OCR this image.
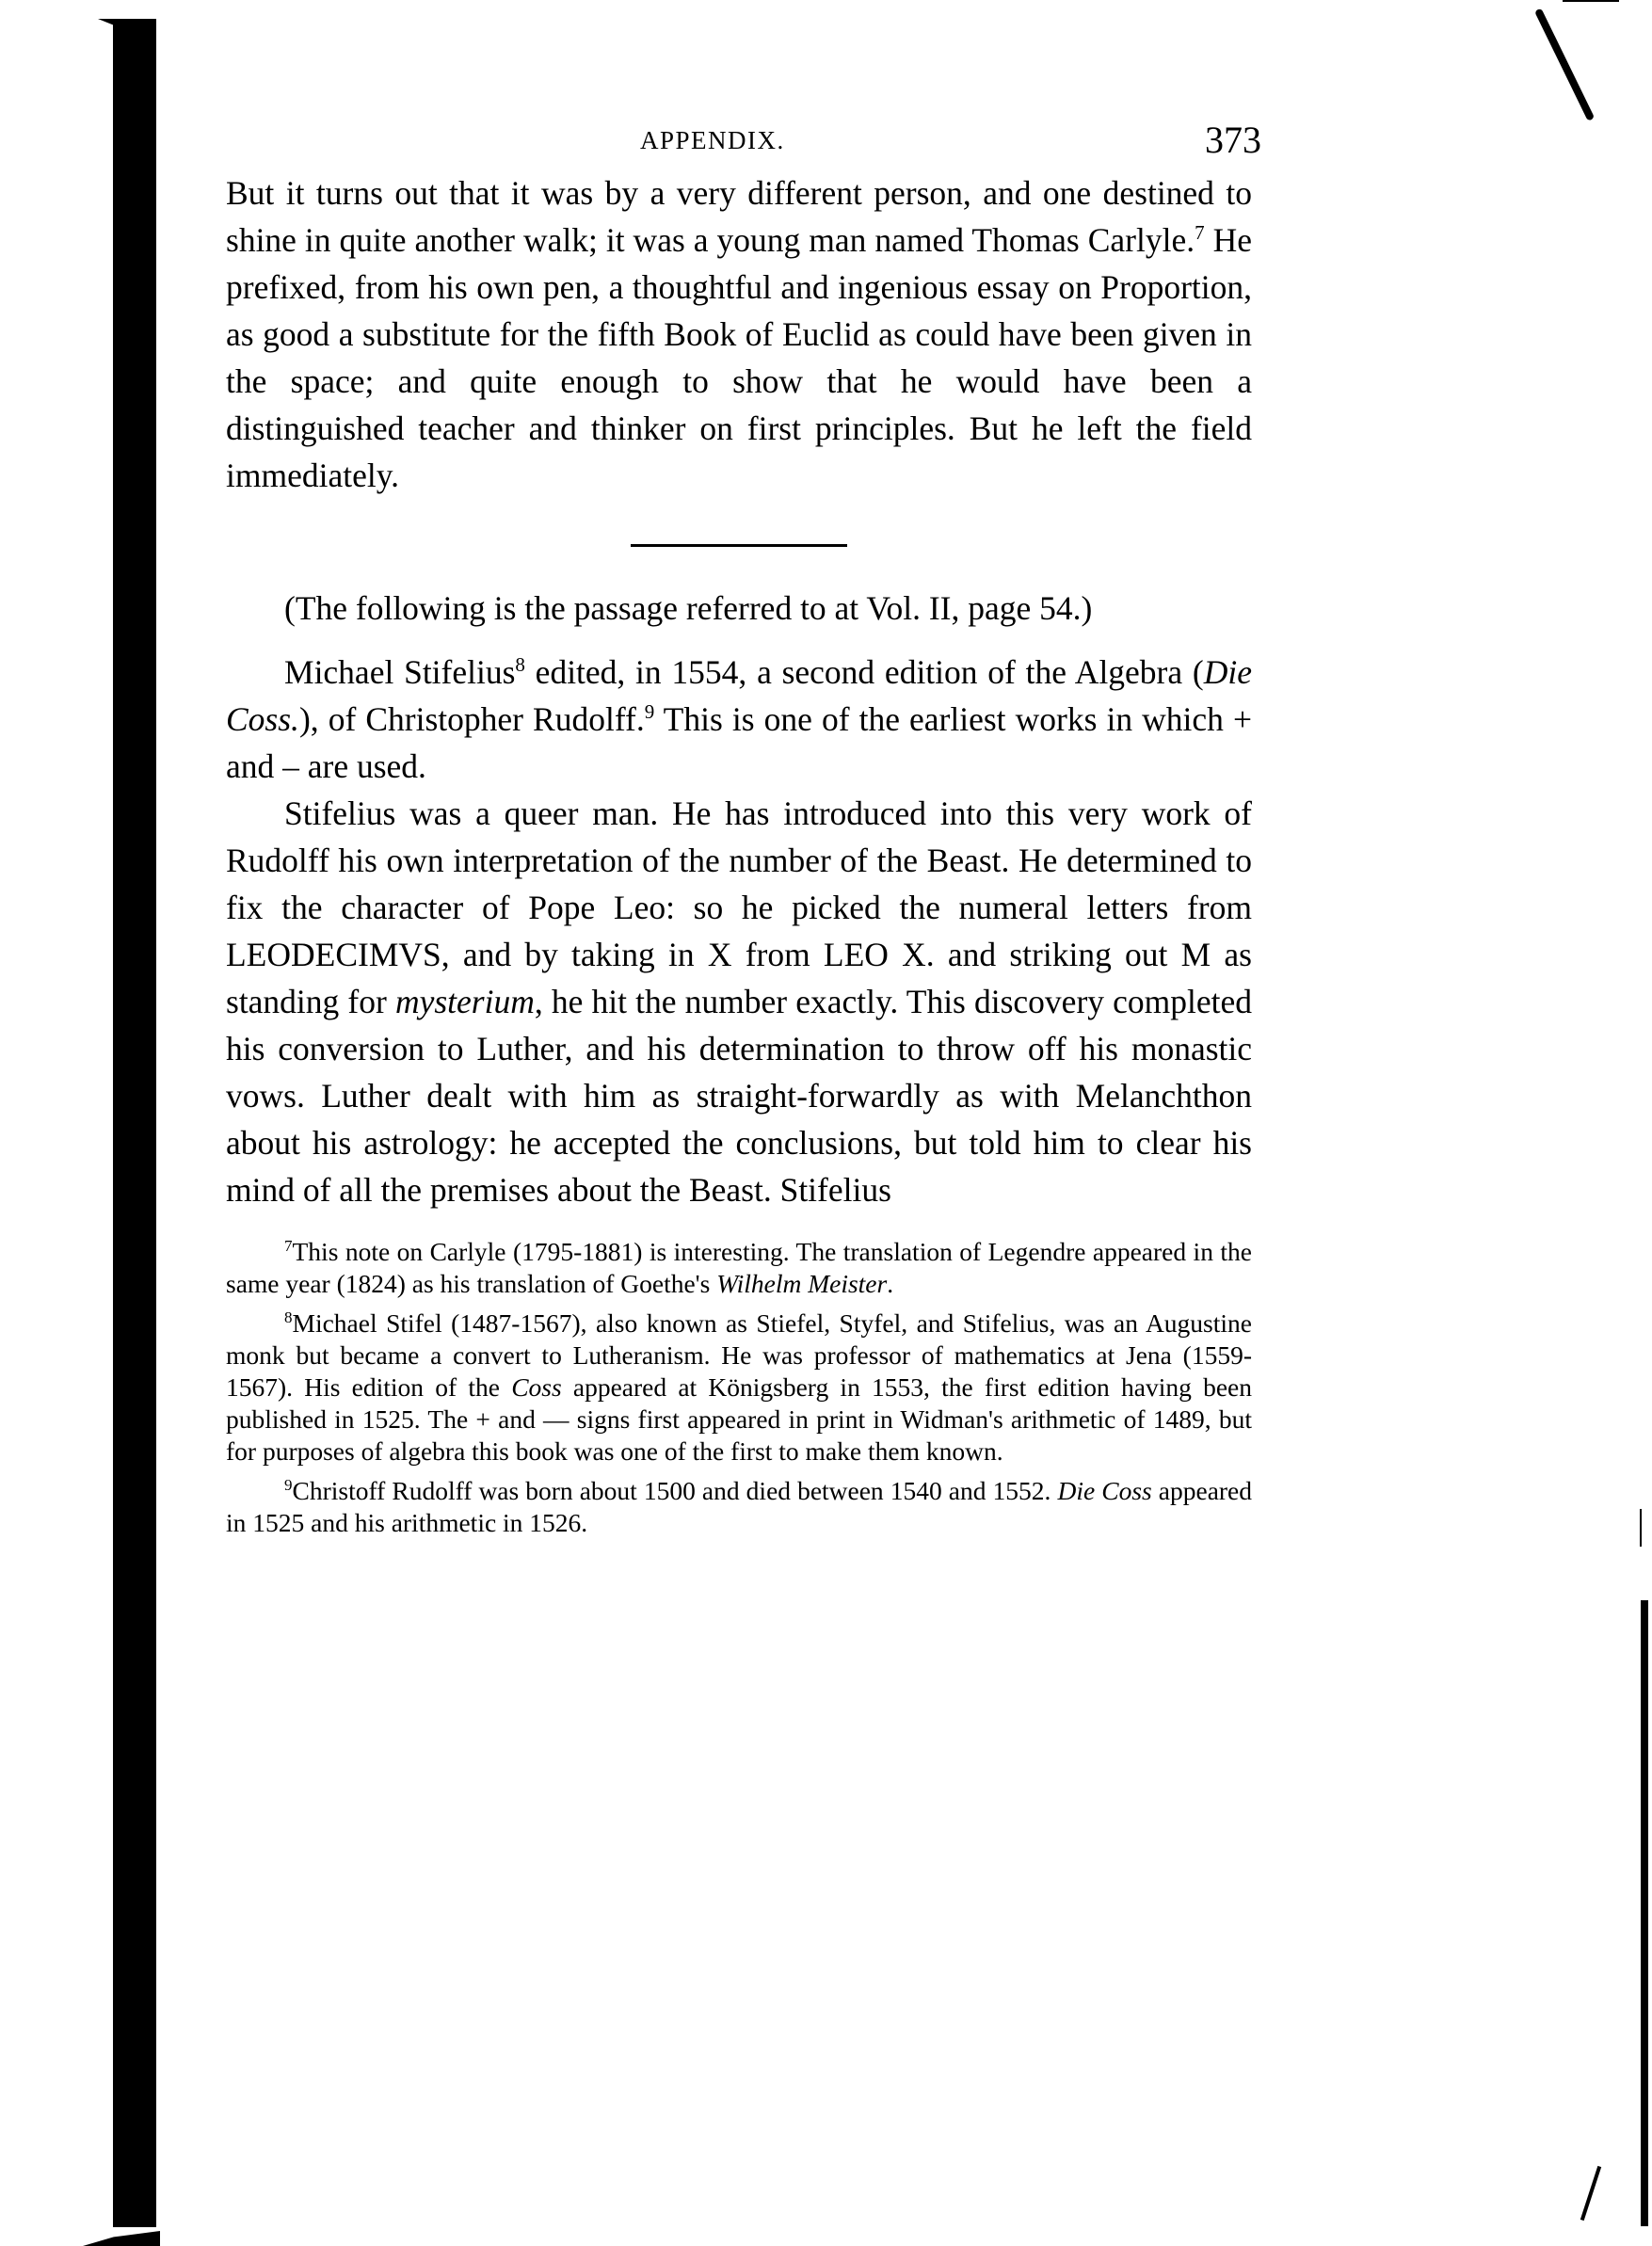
APPENDIX.	373

But it turns out that it was by a very different person, and one destined to shine in quite another walk; it was a young man named Thomas Carlyle.$^7$ He prefixed, from his own pen, a thoughtful and ingenious essay on Proportion, as good a substitute for the fifth Book of Euclid as could have been given in the space; and quite enough to show that he would have been a distinguished teacher and thinker on first principles. But he left the field immediately.

(The following is the passage referred to at Vol. II, page 54.)

Michael Stifelius$^8$ edited, in 1554, a second edition of the Algebra (Die Coss.), of Christopher Rudolff.$^9$ This is one of the earliest works in which + and – are used.

Stifelius was a queer man. He has introduced into this very work of Rudolff his own interpretation of the number of the Beast. He determined to fix the character of Pope Leo: so he picked the numeral letters from LEODECIMVS, and by taking in X from LEO X. and striking out M as standing for mysterium, he hit the number exactly. This discovery completed his conversion to Luther, and his determination to throw off his monastic vows. Luther dealt with him as straight-forwardly as with Melanchthon about his astrology: he accepted the conclusions, but told him to clear his mind of all the premises about the Beast. Stifelius

$^7$This note on Carlyle (1795-1881) is interesting. The translation of Legendre appeared in the same year (1824) as his translation of Goethe's Wilhelm Meister.

$^8$Michael Stifel (1487-1567), also known as Stiefel, Styfel, and Stifelius, was an Augustine monk but became a convert to Lutheranism. He was professor of mathematics at Jena (1559-1567). His edition of the Coss appeared at Königsberg in 1553, the first edition having been published in 1525. The + and — signs first appeared in print in Widman's arithmetic of 1489, but for purposes of algebra this book was one of the first to make them known.

$^9$Christoff Rudolff was born about 1500 and died between 1540 and 1552. Die Coss appeared in 1525 and his arithmetic in 1526.
